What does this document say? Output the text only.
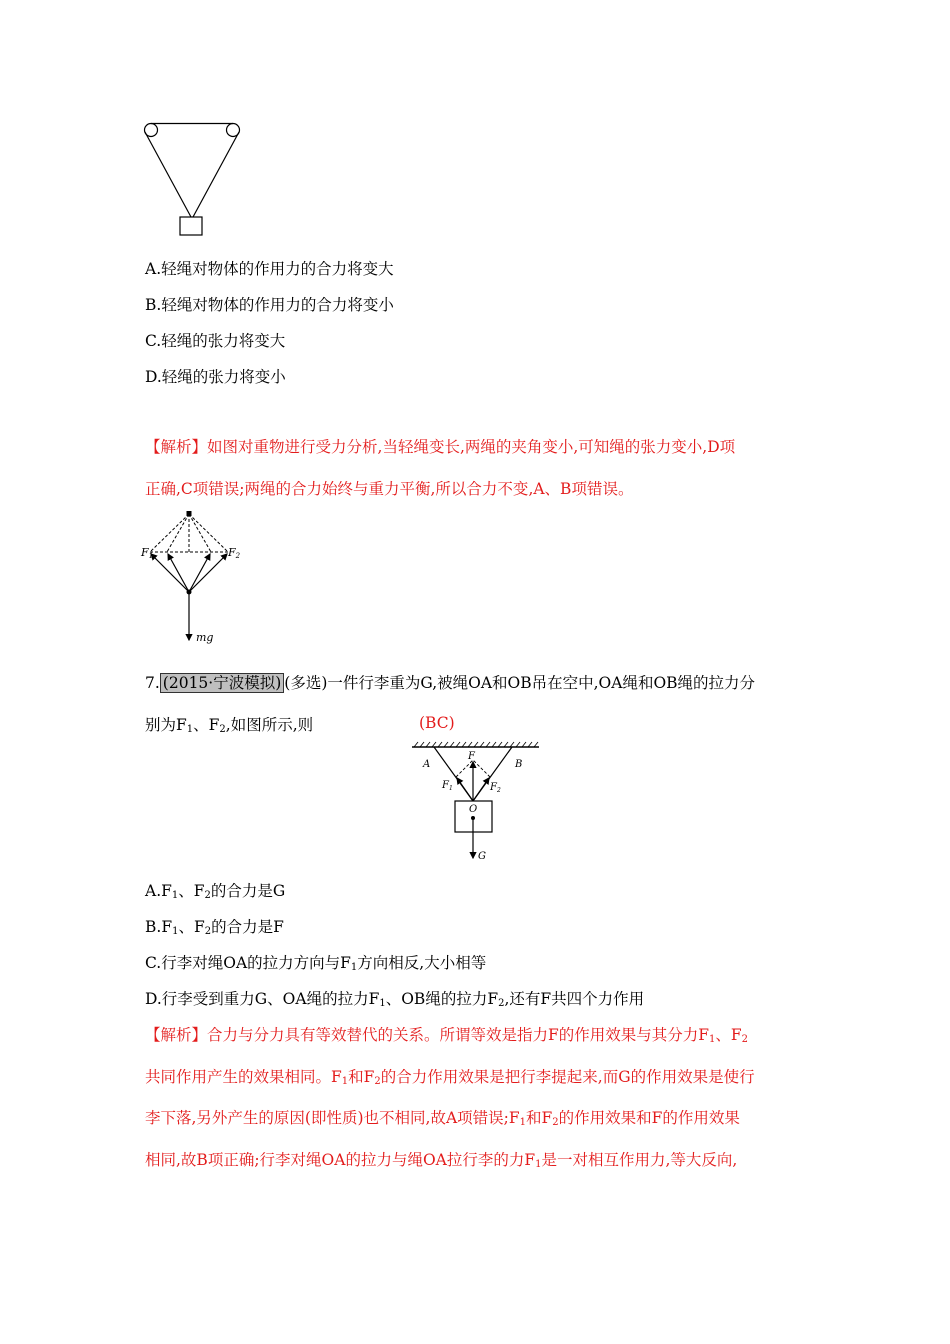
A.轻绳对物体的作用力的合力将变大
B.轻绳对物体的作用力的合力将变小
C.轻绳的张力将变大
D.轻绳的张力将变小
【解析】如图对重物进行受力分析,当轻绳变长,两绳的夹角变小,可知绳的张力变小,D项
正确,C项错误;两绳的合力始终与重力平衡,所以合力不变,A、B项错误。
F1	F2
mg
7. (2015·宁波模拟) (多选)一件行李重为G,被绳OA和OB吊在空中,OA绳和OB绳的拉力分
别为$F_1$、$F_2$,如图所示,则	(BC)
A	B
F
$F_1$	$F_2$
O
G
$A.F_1$、$F_2$的合力是G
$B.F_1$、$F_2$的合力是F
C.行李对绳OA的拉力方向与$F_1$方向相反,大小相等
D.行李受到重力G、OA绳的拉力$F_1$、OB绳的拉力$F_2$,还有F共四个力作用
【解析】合力与分力具有等效替代的关系。所谓等效是指力F的作用效果与其分力$F_1$、$F_2$
共同作用产生的效果相同。$F_1$和$F_2$的合力作用效果是把行李提起来,而G的作用效果是使行
李下落,另外产生的原因(即性质)也不相同,故A项错误$;F_1$和$F_2$的作用效果和F的作用效果
相同,故B项正确;行李对绳OA的拉力与绳OA拉行李的力$F_1$是一对相互作用力,等大反向,
